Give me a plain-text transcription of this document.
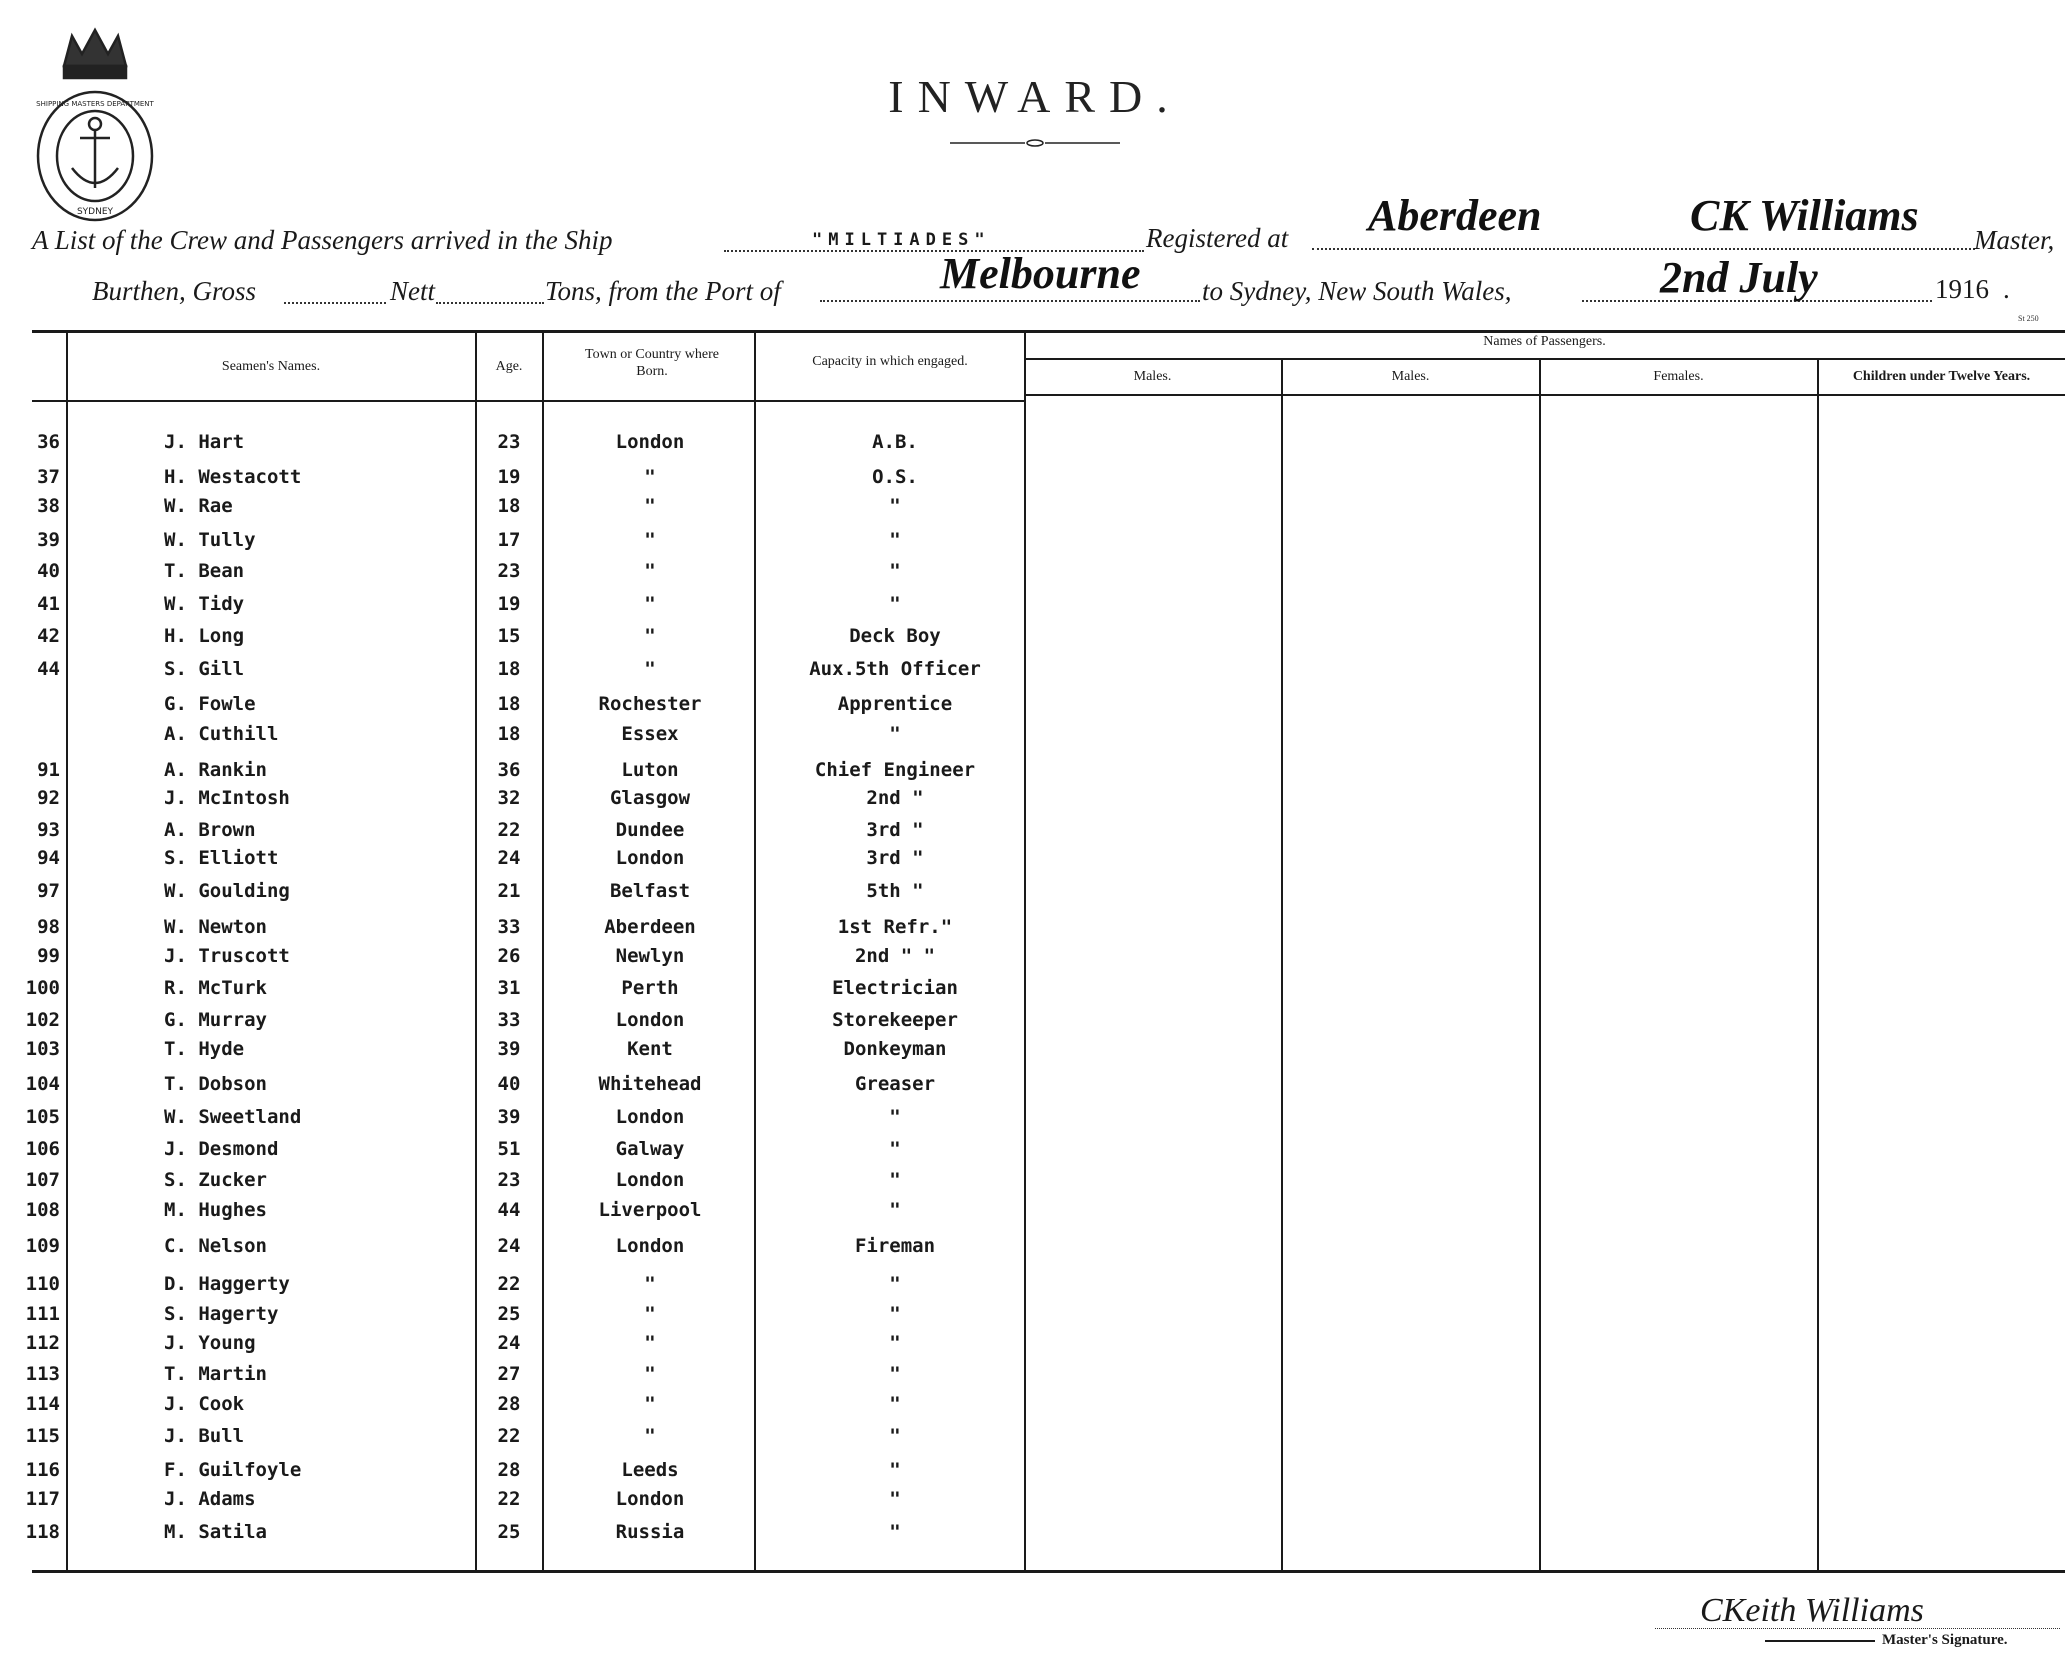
SYDNEY
SHIPPING MASTERS DEPARTMENT	INWARD.
A List of the Crew and Passengers arrived in the Ship	"MILTIADES"	Registered at Aberdeen	CK Williams Master,
Burthen, Gross	Nett	Tons, from the Port of	Melbourne to Sydney, New South Wales,	2nd July	1916 .
St 250
Seamen's Names.	Age.
Town or Country where Born.
Capacity in which engaged.
Names of Passengers.
Males.	Males.	Females.	Children under Twelve Years.
36	J. Hart	23	London	A.B.
37	H. Westacott	19	"	O.S.
38	W. Rae	18	"	"
39	W. Tully	17	"	"
40	T. Bean	23	"	"
41	W. Tidy	19	"	"
42	H. Long	15	"	Deck Boy
44	S. Gill	18	"	Aux.5th Officer
G. Fowle	18	Rochester	Apprentice
A. Cuthill	18	Essex	"
91	A. Rankin	36	Luton	Chief Engineer
92	J. McIntosh	32	Glasgow	2nd "
93	A. Brown	22	Dundee	3rd "
94	S. Elliott	24	London	3rd "
97	W. Goulding	21	Belfast	5th "
98	W. Newton	33	Aberdeen	1st Refr."
99	J. Truscott	26	Newlyn	2nd " "
100	R. McTurk	31	Perth	Electrician
102	G. Murray	33	London	Storekeeper
103	T. Hyde	39	Kent	Donkeyman
104	T. Dobson	40	Whitehead	Greaser
105	W. Sweetland	39	London	"
106	J. Desmond	51	Galway	"
107	S. Zucker	23	London	"
108	M. Hughes	44	Liverpool	"
109	C. Nelson	24	London	Fireman
110	D. Haggerty	22	"	"
111	S. Hagerty	25	"	"
112	J. Young	24	"	"
113	T. Martin	27	"	"
114	J. Cook	28	"	"
115	J. Bull	22	"	"
116	F. Guilfoyle	28	Leeds	"
117	J. Adams	22	London	"
118	M. Satila	25	Russia	"
CKeith Williams
Master's Signature.
